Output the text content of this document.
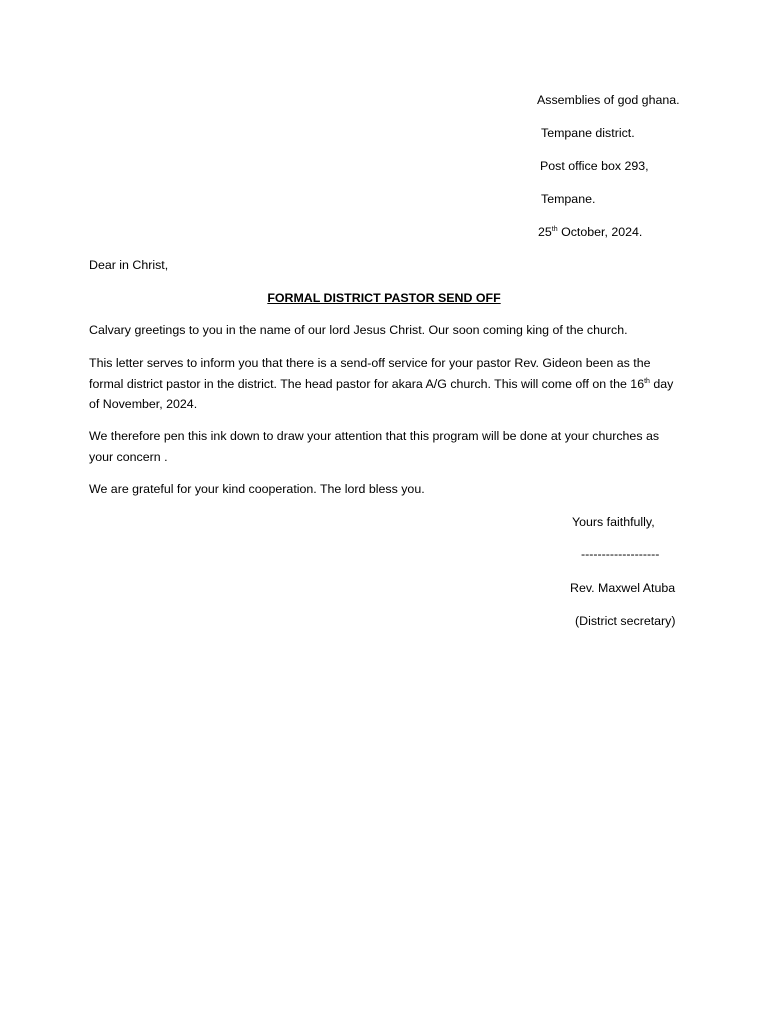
Assemblies of god ghana.
Tempane district.
Post office box 293,
Tempane.
25th October, 2024.
Dear in Christ,
FORMAL DISTRICT PASTOR SEND OFF
Calvary greetings to you in the name of our lord Jesus Christ. Our soon coming king of the church.
This letter serves to inform you that there is a send-off service for your pastor Rev. Gideon been as the formal district pastor in the district. The head pastor for akara A/G church. This will come off on the 16th day of November, 2024.
We therefore pen this ink down to draw your attention that this program will be done at your churches as your concern .
We are grateful for your kind cooperation. The lord bless you.
Yours faithfully,
-------------------
Rev. Maxwel Atuba
(District secretary)
